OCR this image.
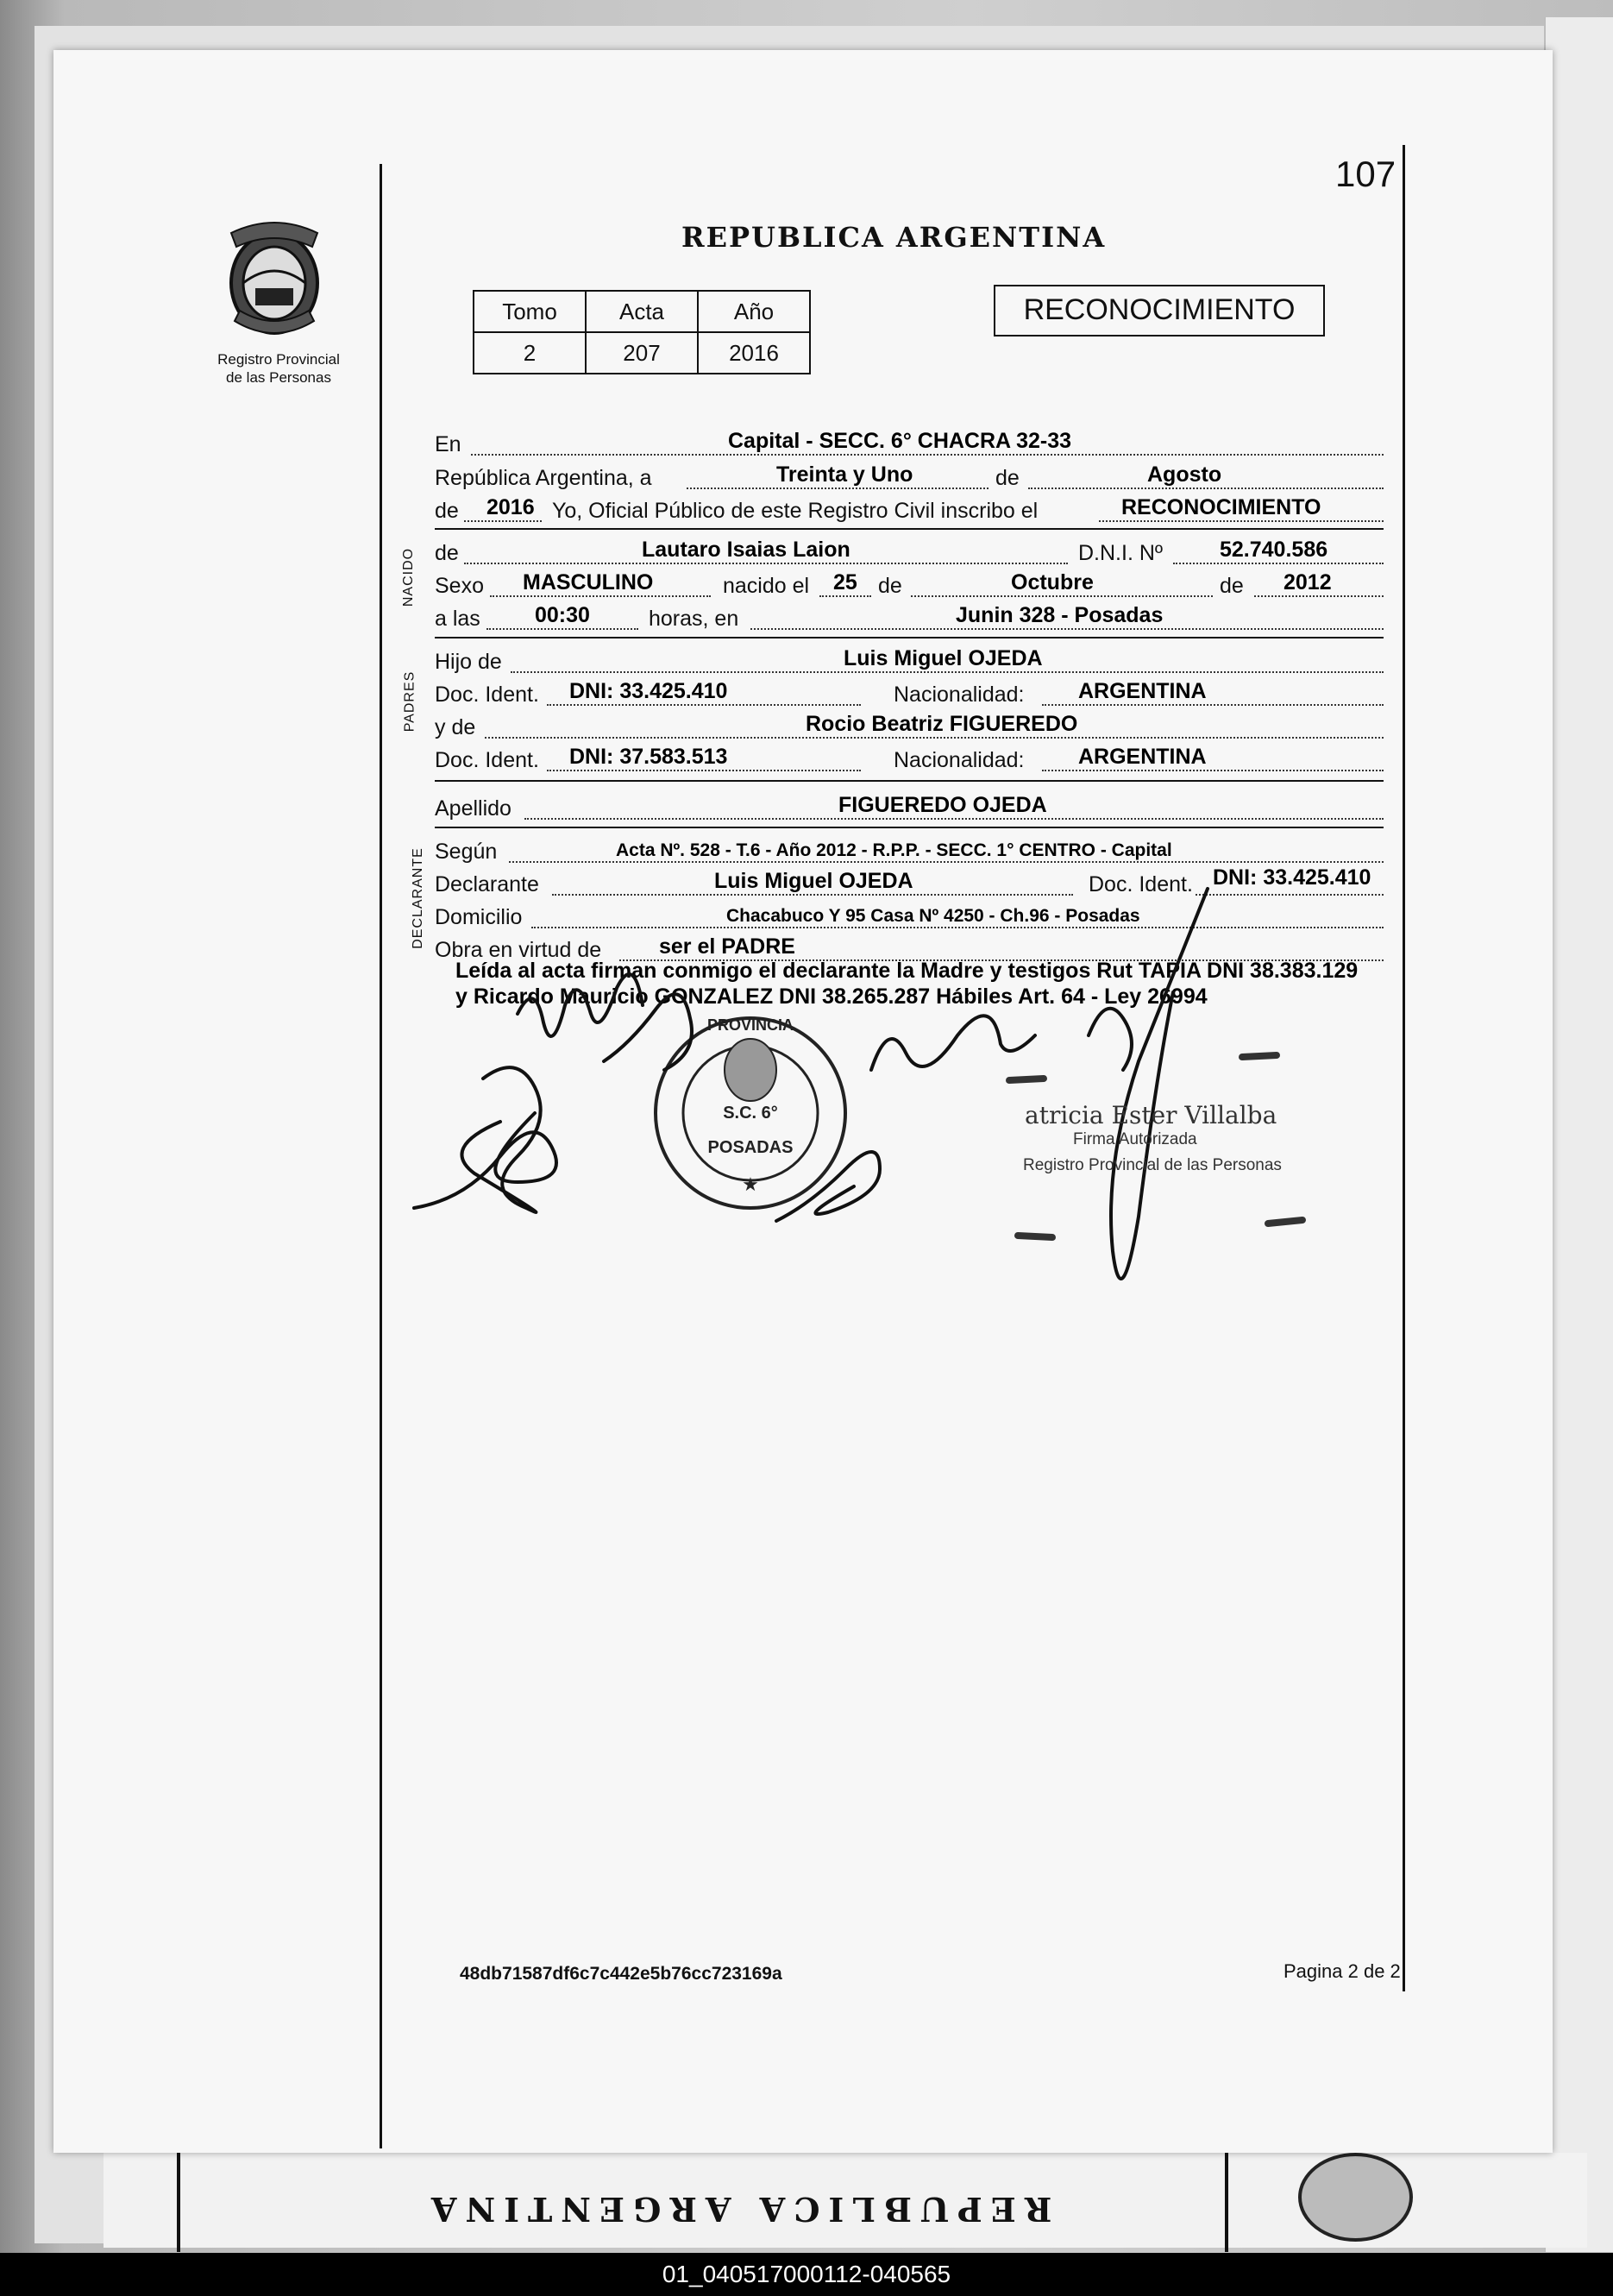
REPUBLICA ARGENTINA
107
Registro Provincial
de las Personas
REPUBLICA ARGENTINA
Tomo	Acta	Año
2	207	2016
RECONOCIMIENTO
NACIDO
PADRES
DECLARANTE
En	Capital - SECC. 6° CHACRA 32-33
República Argentina, a	Treinta y Uno	de	Agosto
de 2016 Yo, Oficial Público de este Registro Civil inscribo el	RECONOCIMIENTO
de	Lautaro Isaias Laion	D.N.I. Nº	52.740.586
Sexo MASCULINO	nacido el 25 de	Octubre	de 2012
a las	00:30	horas, en	Junin 328 - Posadas
Hijo de	Luis Miguel OJEDA
Doc. Ident. DNI: 33.425.410	Nacionalidad:	ARGENTINA
y de	Rocio Beatriz FIGUEREDO
Doc. Ident. DNI: 37.583.513	Nacionalidad:	ARGENTINA
Apellido	FIGUEREDO OJEDA
Según	Acta Nº. 528 - T.6 - Año 2012 - R.P.P. - SECC. 1° CENTRO - Capital
Declarante	Luis Miguel OJEDA	Doc. Ident. DNI: 33.425.410
Domicilio	Chacabuco Y 95 Casa Nº 4250 - Ch.96 - Posadas
Obra en virtud de	ser el PADRE
Leída al acta firman conmigo el declarante la Madre y testigos Rut TAPIA DNI 38.383.129 y Ricardo Mauricio GONZALEZ DNI 38.265.287 Hábiles Art. 64 - Ley 26994
PROVINCIA
S.C. 6°
POSADAS
★
atricia Ester Villalba
Firma Autorizada
Registro Provincial de las Personas
48db71587df6c7c442e5b76cc723169a	Pagina 2 de 2
01_040517000112-040565
